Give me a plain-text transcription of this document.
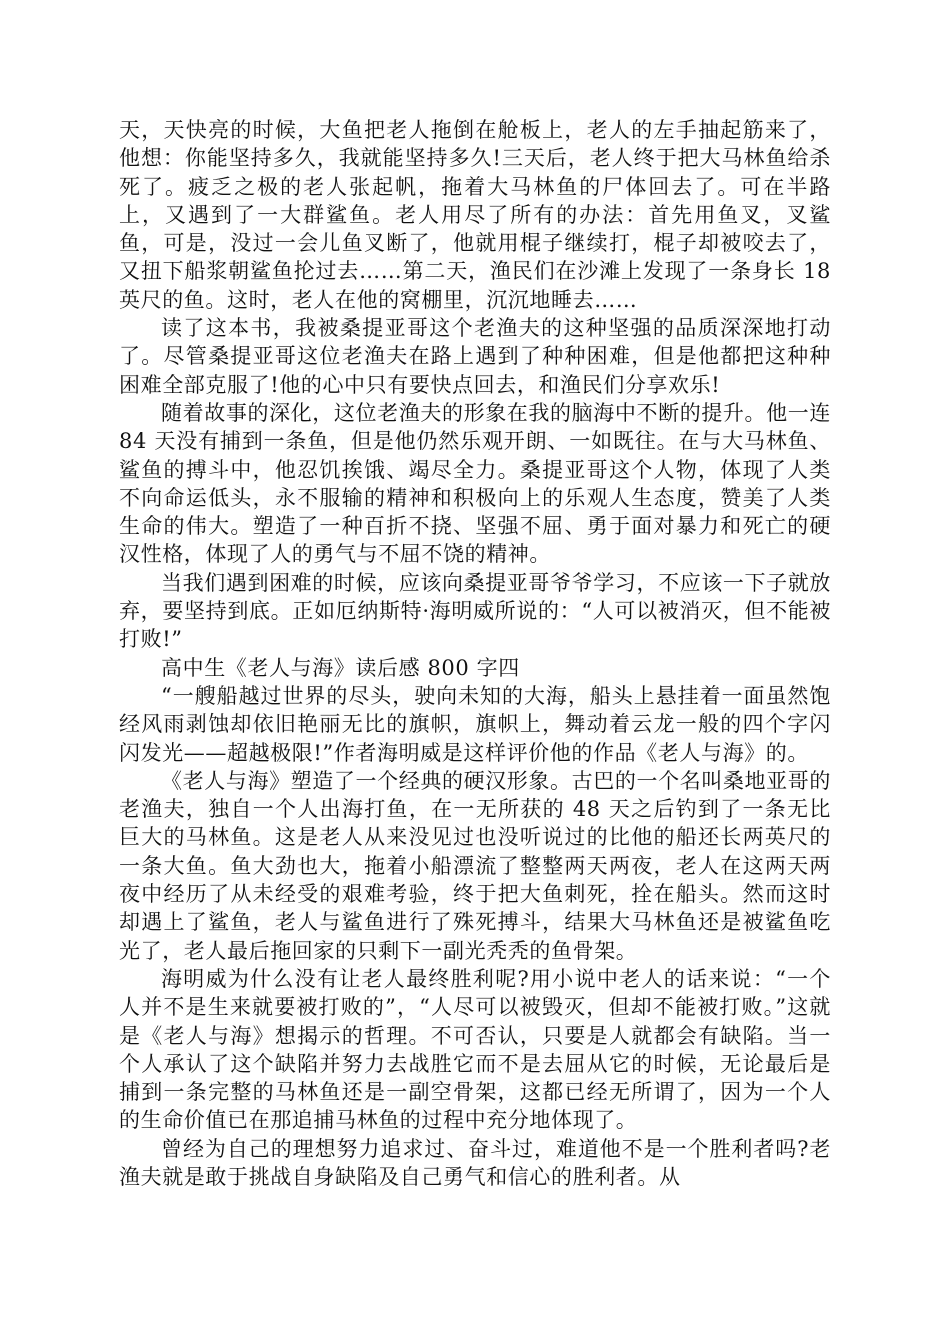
天，天快亮的时候，大鱼把老人拖倒在舱板上，老人的左手抽起筋来了，他想：你能坚持多久，我就能坚持多久!三天后，老人终于把大马林鱼给杀死了。疲乏之极的老人张起帆，拖着大马林鱼的尸体回去了。可在半路上，又遇到了一大群鲨鱼。老人用尽了所有的办法：首先用鱼叉，叉鲨鱼，可是，没过一会儿鱼叉断了，他就用棍子继续打，棍子却被咬去了，又扭下船浆朝鲨鱼抡过去……第二天，渔民们在沙滩上发现了一条身长 18 英尺的鱼。这时，老人在他的窝棚里，沉沉地睡去……

读了这本书，我被桑提亚哥这个老渔夫的这种坚强的品质深深地打动了。尽管桑提亚哥这位老渔夫在路上遇到了种种困难，但是他都把这种种困难全部克服了!他的心中只有要快点回去，和渔民们分享欢乐!

随着故事的深化，这位老渔夫的形象在我的脑海中不断的提升。他一连 84 天没有捕到一条鱼，但是他仍然乐观开朗、一如既往。在与大马林鱼、鲨鱼的搏斗中，他忍饥挨饿、竭尽全力。桑提亚哥这个人物，体现了人类不向命运低头，永不服输的精神和积极向上的乐观人生态度，赞美了人类生命的伟大。塑造了一种百折不挠、坚强不屈、勇于面对暴力和死亡的硬汉性格，体现了人的勇气与不屈不饶的精神。

当我们遇到困难的时候，应该向桑提亚哥爷爷学习，不应该一下子就放弃，要坚持到底。正如厄纳斯特·海明威所说的：“人可以被消灭，但不能被打败!”

高中生《老人与海》读后感 800 字四

“一艘船越过世界的尽头，驶向未知的大海，船头上悬挂着一面虽然饱经风雨剥蚀却依旧艳丽无比的旗帜，旗帜上，舞动着云龙一般的四个字闪闪发光——超越极限!”作者海明威是这样评价他的作品《老人与海》的。

《老人与海》塑造了一个经典的硬汉形象。古巴的一个名叫桑地亚哥的老渔夫，独自一个人出海打鱼，在一无所获的 48 天之后钓到了一条无比巨大的马林鱼。这是老人从来没见过也没听说过的比他的船还长两英尺的一条大鱼。鱼大劲也大，拖着小船漂流了整整两天两夜，老人在这两天两夜中经历了从未经受的艰难考验，终于把大鱼刺死，拴在船头。然而这时却遇上了鲨鱼，老人与鲨鱼进行了殊死搏斗，结果大马林鱼还是被鲨鱼吃光了，老人最后拖回家的只剩下一副光秃秃的鱼骨架。

海明威为什么没有让老人最终胜利呢?用小说中老人的话来说：“一个人并不是生来就要被打败的”，“人尽可以被毁灭，但却不能被打败。”这就是《老人与海》想揭示的哲理。不可否认，只要是人就都会有缺陷。当一个人承认了这个缺陷并努力去战胜它而不是去屈从它的时候，无论最后是捕到一条完整的马林鱼还是一副空骨架，这都已经无所谓了，因为一个人的生命价值已在那追捕马林鱼的过程中充分地体现了。

曾经为自己的理想努力追求过、奋斗过，难道他不是一个胜利者吗?老渔夫就是敢于挑战自身缺陷及自己勇气和信心的胜利者。从
